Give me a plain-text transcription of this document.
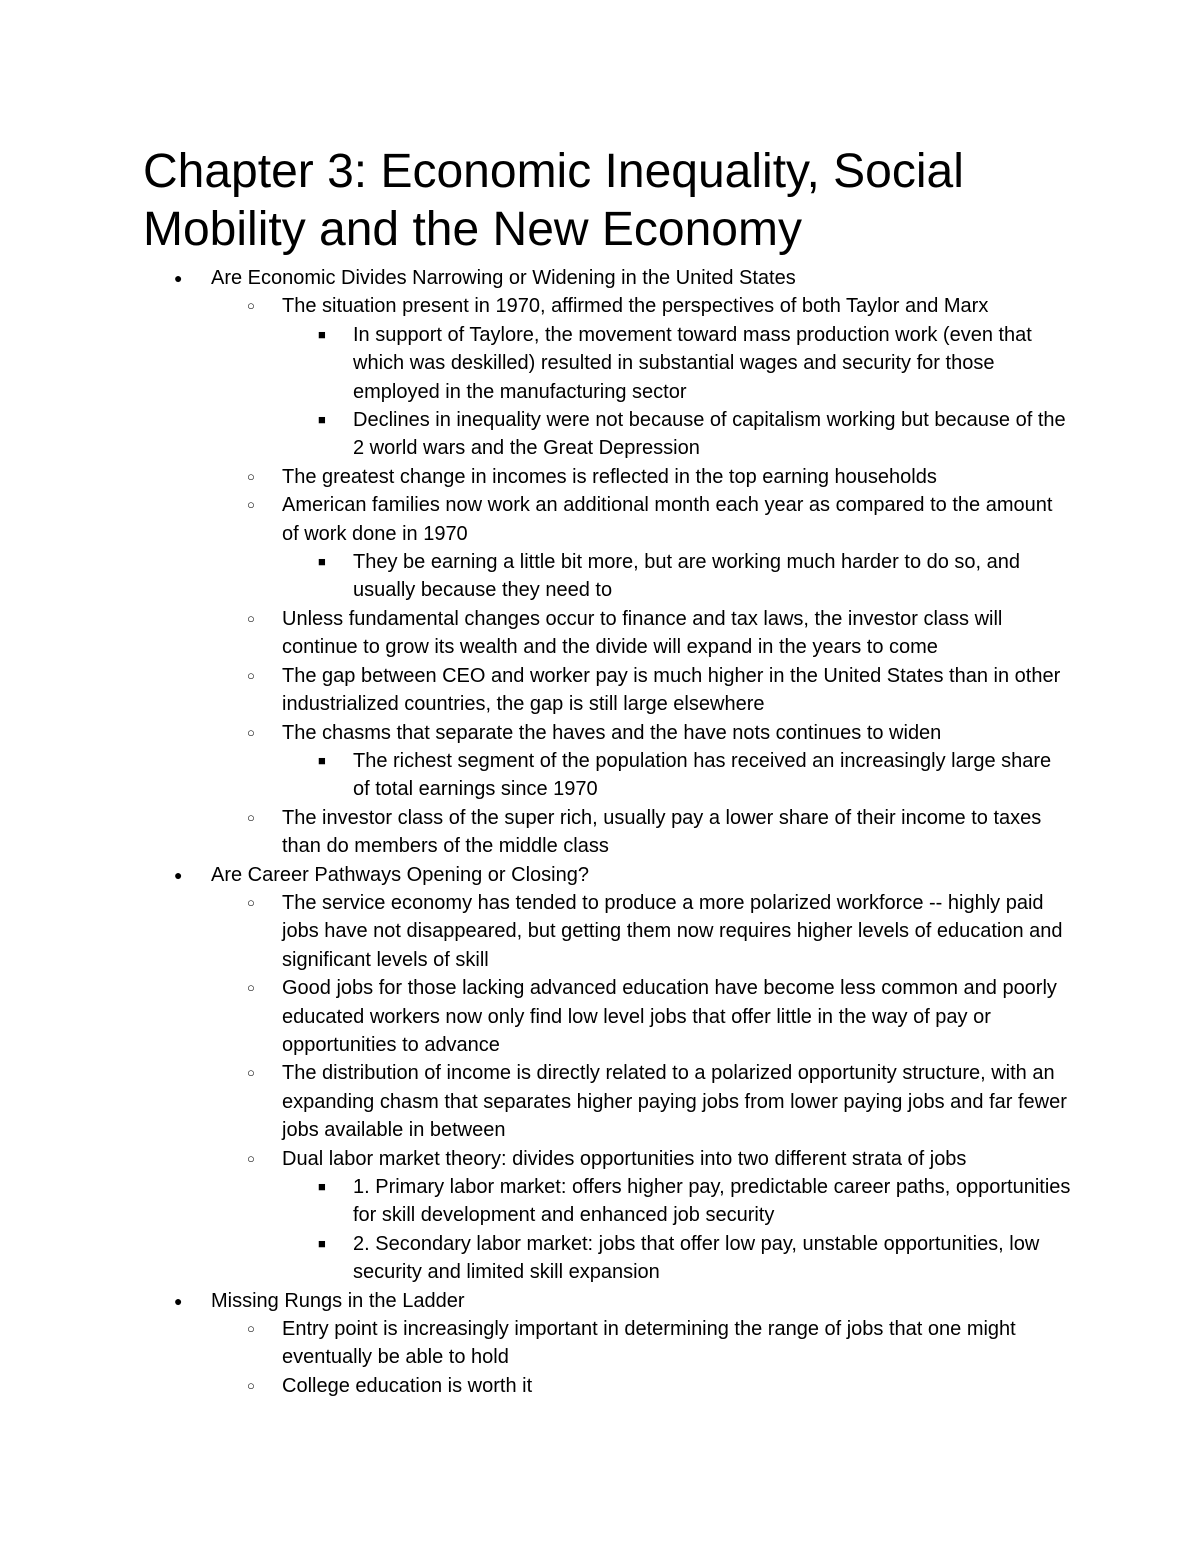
Chapter 3: Economic Inequality, Social Mobility and the New Economy
● Are Economic Divides Narrowing or Widening in the United States
○ The situation present in 1970, affirmed the perspectives of both Taylor and Marx
■ In support of Taylore, the movement toward mass production work (even that which was deskilled) resulted in substantial wages and security for those employed in the manufacturing sector
■ Declines in inequality were not because of capitalism working but because of the 2 world wars and the Great Depression
○ The greatest change in incomes is reflected in the top earning households
○ American families now work an additional month each year as compared to the amount of work done in 1970
■ They be earning a little bit more, but are working much harder to do so, and usually because they need to
○ Unless fundamental changes occur to finance and tax laws, the investor class will continue to grow its wealth and the divide will expand in the years to come
○ The gap between CEO and worker pay is much higher in the United States than in other industrialized countries, the gap is still large elsewhere
○ The chasms that separate the haves and the have nots continues to widen
■ The richest segment of the population has received an increasingly large share of total earnings since 1970
○ The investor class of the super rich, usually pay a lower share of their income to taxes than do members of the middle class
● Are Career Pathways Opening or Closing?
○ The service economy has tended to produce a more polarized workforce -- highly paid jobs have not disappeared, but getting them now requires higher levels of education and significant levels of skill
○ Good jobs for those lacking advanced education have become less common and poorly educated workers now only find low level jobs that offer little in the way of pay or opportunities to advance
○ The distribution of income is directly related to a polarized opportunity structure, with an expanding chasm that separates higher paying jobs from lower paying jobs and far fewer jobs available in between
○ Dual labor market theory: divides opportunities into two different strata of jobs
■ 1. Primary labor market: offers higher pay, predictable career paths, opportunities for skill development and enhanced job security
■ 2. Secondary labor market: jobs that offer low pay, unstable opportunities, low security and limited skill expansion
● Missing Rungs in the Ladder
○ Entry point is increasingly important in determining the range of jobs that one might eventually be able to hold
○ College education is worth it
